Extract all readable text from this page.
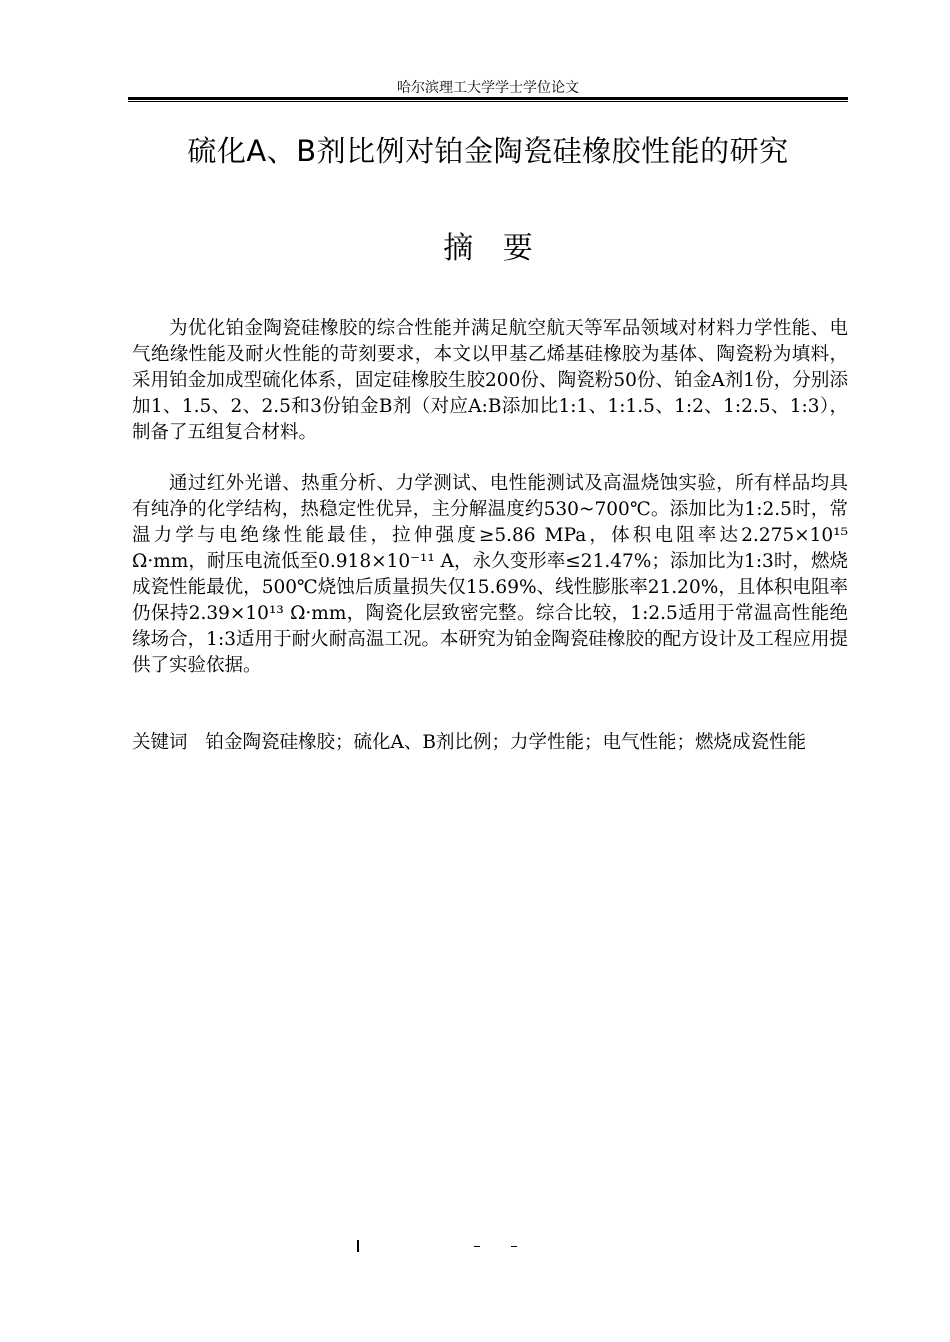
哈尔滨理工大学学士学位论文
硫化A、B剂比例对铂金陶瓷硅橡胶性能的研究
摘 要

为优化铂金陶瓷硅橡胶的综合性能并满足航空航天等军品领域对材料力学性能、电气绝缘性能及耐火性能的苛刻要求，本文以甲基乙烯基硅橡胶为基体、陶瓷粉为填料，采用铂金加成型硫化体系，固定硅橡胶生胶200份、陶瓷粉50份、铂金A剂1份，分别添加1、1.5、2、2.5和3份铂金B剂（对应A:B添加比1:1、1:1.5、1:2、1:2.5、1:3），制备了五组复合材料。

通过红外光谱、热重分析、力学测试、电性能测试及高温烧蚀实验，所有样品均具有纯净的化学结构，热稳定性优异，主分解温度约530~700℃。添加比为1:2.5时，常温力学与电绝缘性能最佳，拉伸强度≥5.86 MPa，体积电阻率达2.275×10¹⁵ Ω·mm，耐压电流低至0.918×10⁻¹¹ A，永久变形率≤21.47%；添加比为1:3时，燃烧成瓷性能最优，500℃烧蚀后质量损失仅15.69%、线性膨胀率21.20%，且体积电阻率仍保持2.39×10¹³ Ω·mm，陶瓷化层致密完整。综合比较，1:2.5适用于常温高性能绝缘场合，1:3适用于耐火耐高温工况。本研究为铂金陶瓷硅橡胶的配方设计及工程应用提供了实验依据。

关键词 铂金陶瓷硅橡胶；硫化A、B剂比例；力学性能；电气性能；燃烧成瓷性能
